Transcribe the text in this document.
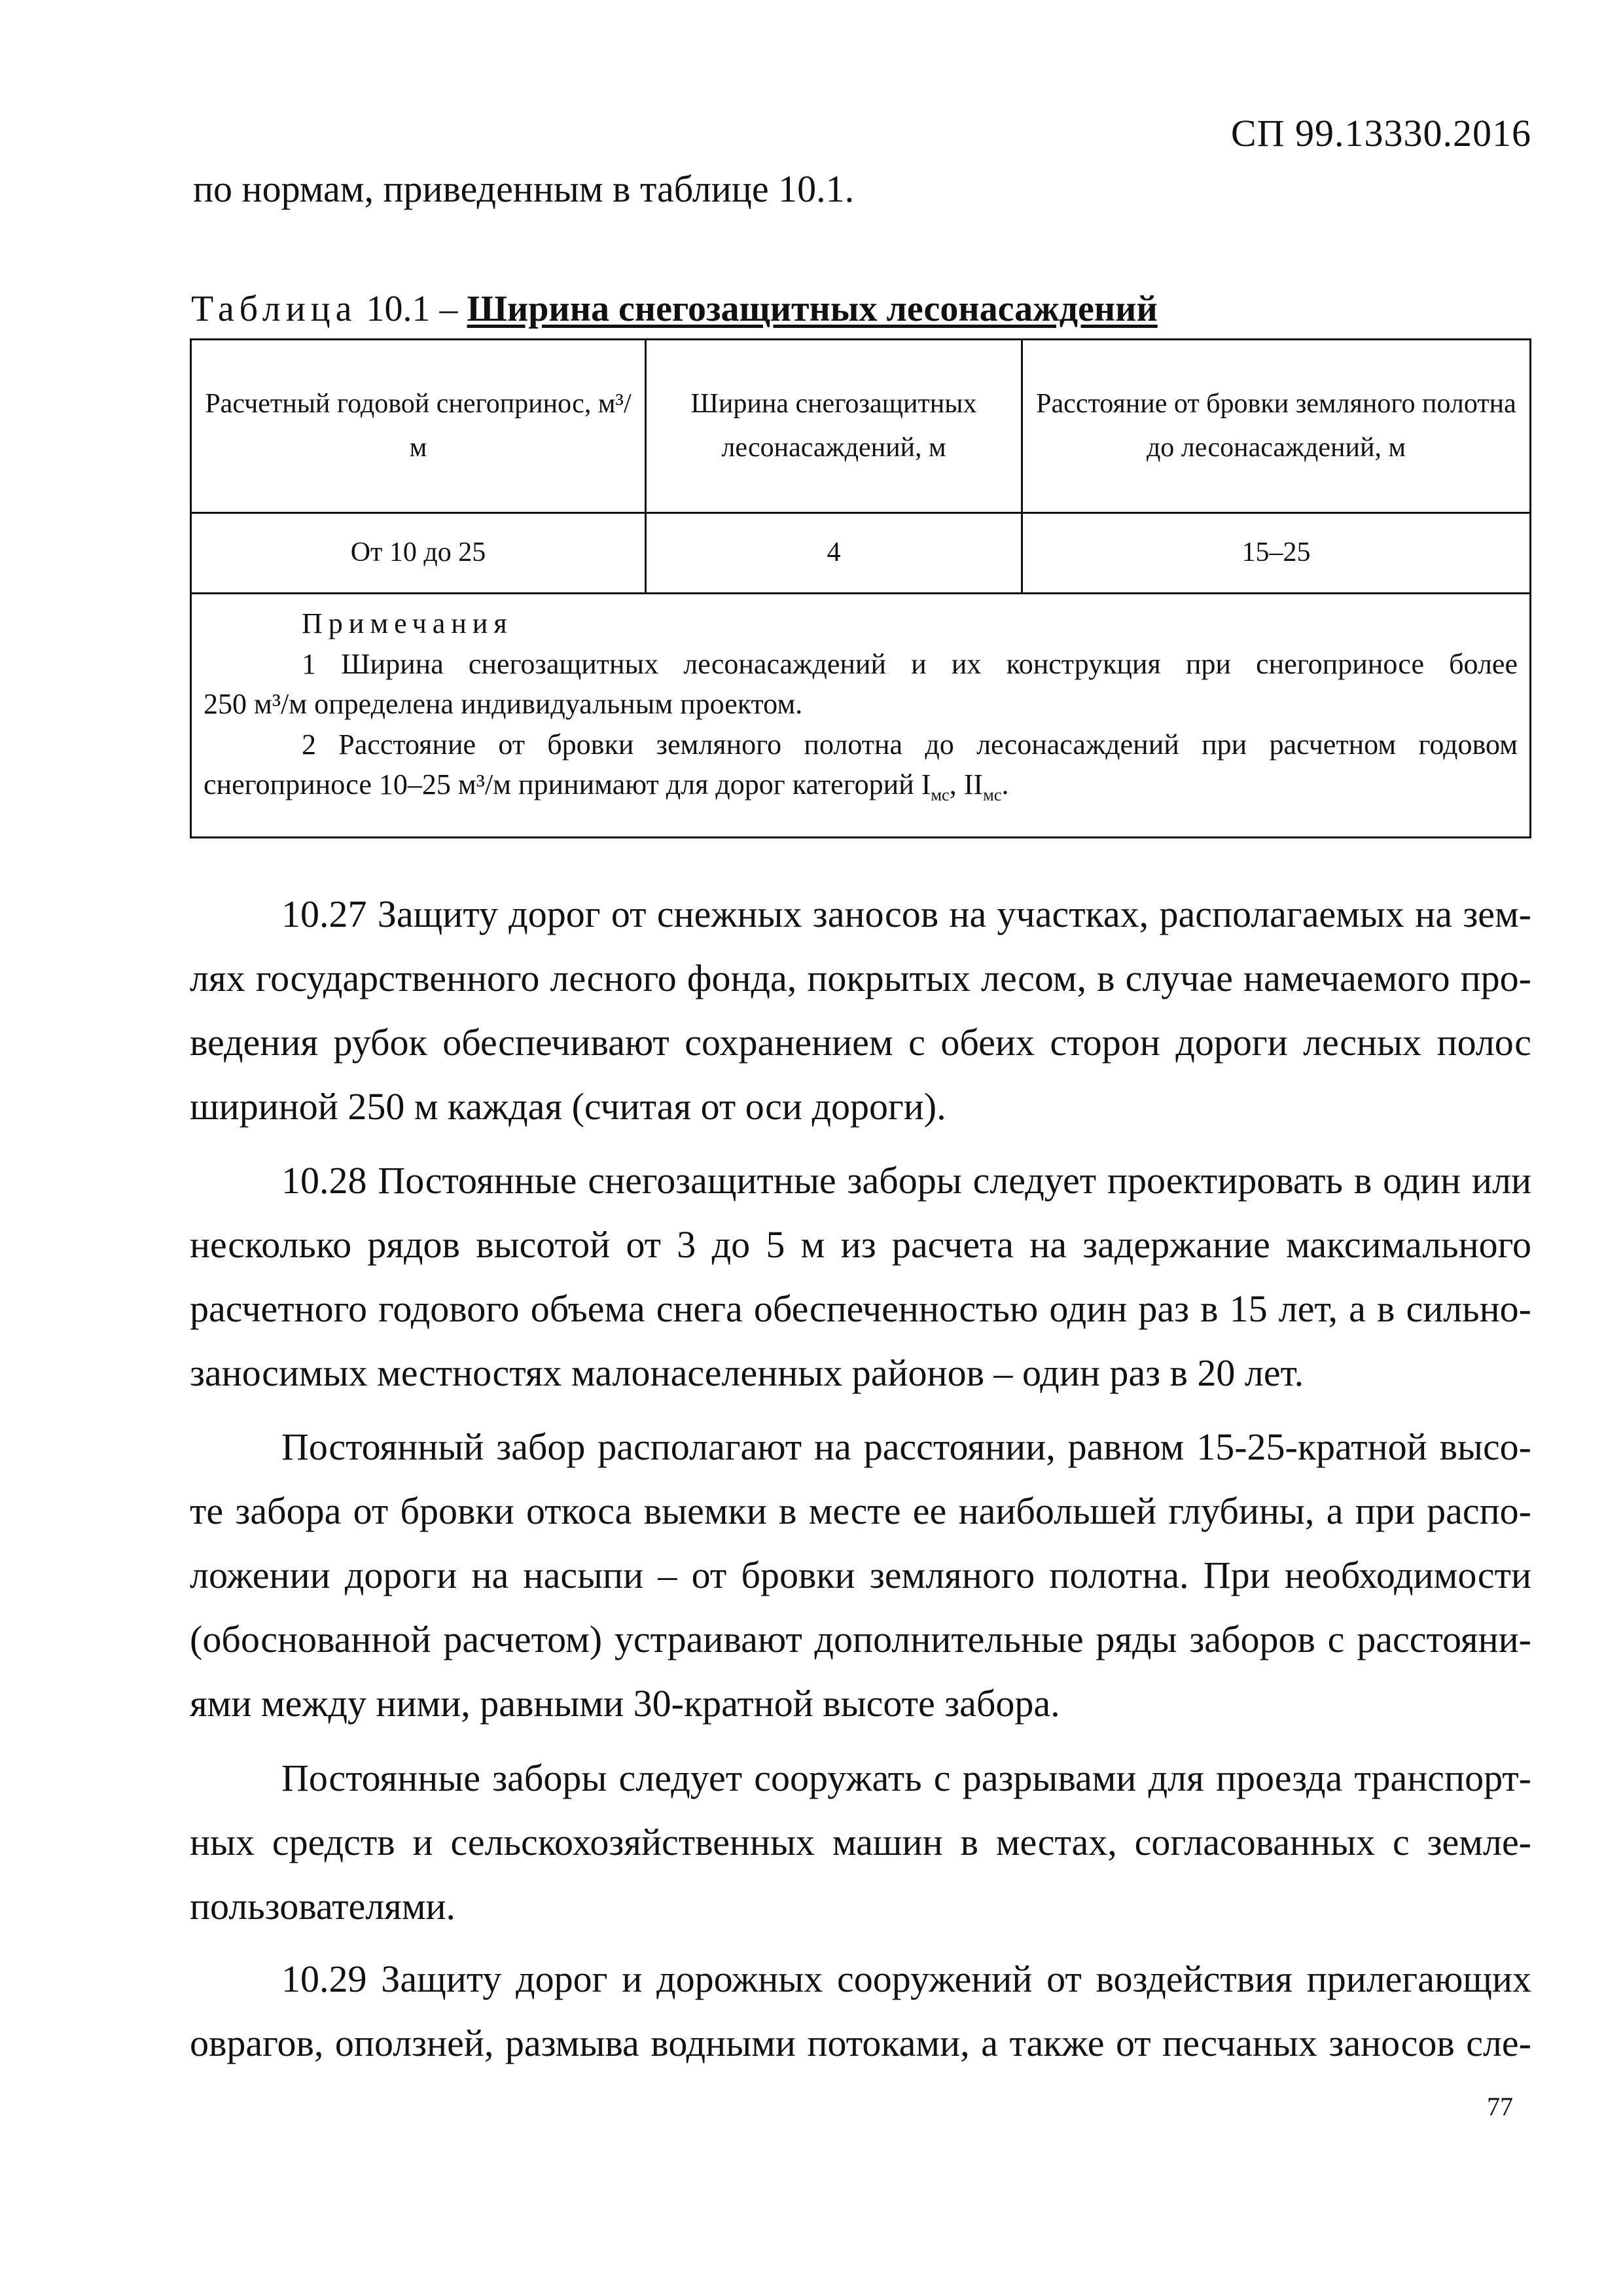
СП 99.13330.2016
по нормам, приведенным в таблице 10.1.
Таблица 10.1 – Ширина снегозащитных лесонасаждений
Расчетный годовой снегопринос, м³/м	Ширина снегозащитных лесонасаждений, м	Расстояние от бровки земляного полотна до лесонасаждений, м
От 10 до 25	4	15–25

Примечания
1 Ширина снегозащитных лесонасаждений и их конструкция при снегоприносе более
250 м³/м определена индивидуальным проектом.
2 Расстояние от бровки земляного полотна до лесонасаждений при расчетном годовом
снегоприносе 10–25 м³/м принимают для дорог категорий $I_{мс}$, $II_{мс}$.		
10.27 Защиту дорог от снежных заносов на участках, располагаемых на зем-
лях государственного лесного фонда, покрытых лесом, в случае намечаемого про-
ведения рубок обеспечивают сохранением с обеих сторон дороги лесных полос
шириной 250 м каждая (считая от оси дороги).
10.28 Постоянные снегозащитные заборы следует проектировать в один или
несколько рядов высотой от 3 до 5 м из расчета на задержание максимального
расчетного годового объема снега обеспеченностью один раз в 15 лет, а в сильно-
заносимых местностях малонаселенных районов – один раз в 20 лет.
Постоянный забор располагают на расстоянии, равном 15-25-кратной высо-
те забора от бровки откоса выемки в месте ее наибольшей глубины, а при распо-
ложении дороги на насыпи – от бровки земляного полотна. При необходимости
(обоснованной расчетом) устраивают дополнительные ряды заборов с расстояни-
ями между ними, равными 30-кратной высоте забора.
Постоянные заборы следует сооружать с разрывами для проезда транспорт-
ных средств и сельскохозяйственных машин в местах, согласованных с земле-
пользователями.
10.29 Защиту дорог и дорожных сооружений от воздействия прилегающих
оврагов, оползней, размыва водными потоками, а также от песчаных заносов сле-
77
